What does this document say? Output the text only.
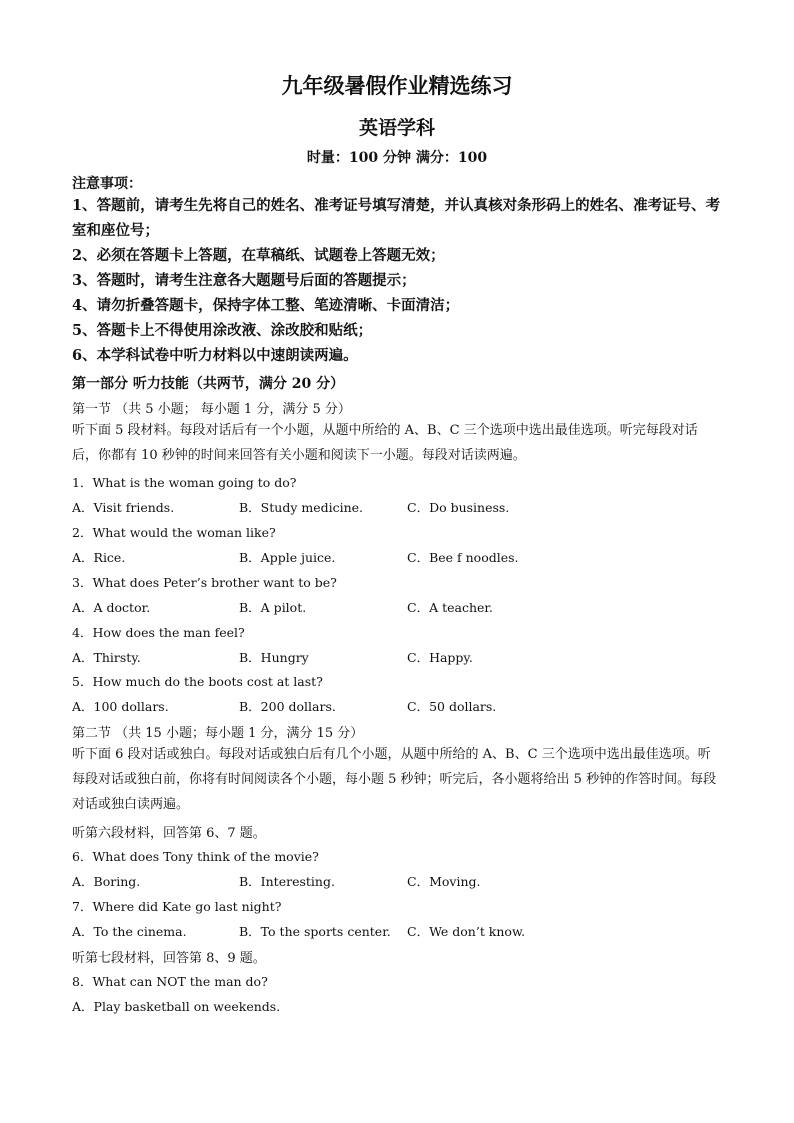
九年级暑假作业精选练习
英语学科
时量：100 分钟 满分：100
注意事项：
1、答题前，请考生先将自己的姓名、准考证号填写清楚，并认真核对条形码上的姓名、准考证号、考室和座位号；
2、必须在答题卡上答题，在草稿纸、试题卷上答题无效；
3、答题时，请考生注意各大题题号后面的答题提示；
4、请勿折叠答题卡，保持字体工整、笔迹清晰、卡面清洁；
5、答题卡上不得使用涂改液、涂改胶和贴纸；
6、本学科试卷中听力材料以中速朗读两遍。
第一部分 听力技能（共两节，满分 20 分）
第一节 （共 5 小题； 每小题 1 分，满分 5 分）
听下面 5 段材料。每段对话后有一个小题，从题中所给的 A、B、C 三个选项中选出最佳选项。听完每段对话后，你都有 10 秒钟的时间来回答有关小题和阅读下一小题。每段对话读两遍。
1．What is the woman going to do?
A．Visit friends.	B．Study medicine.	C．Do business.
2．What would the woman like?
A．Rice.	B．Apple juice.	C．Bee f noodles.
3．What does Peter’s brother want to be?
A．A doctor.	B．A pilot.	C．A teacher.
4．How does the man feel?
A．Thirsty.	B．Hungry	C．Happy.
5．How much do the boots cost at last?
A．100 dollars.	B．200 dollars.	C．50 dollars.
第二节 （共 15 小题；每小题 1 分，满分 15 分）
听下面 6 段对话或独白。每段对话或独白后有几个小题，从题中所给的 A、B、C 三个选项中选出最佳选项。听每段对话或独白前，你将有时间阅读各个小题，每小题 5 秒钟；听完后，各小题将给出 5 秒钟的作答时间。每段对话或独白读两遍。
听第六段材料，回答第 6、7 题。
6．What does Tony think of the movie?
A．Boring.	B．Interesting.	C．Moving.
7．Where did Kate go last night?
A．To the cinema.	B．To the sports center. C．We don’t know.
听第七段材料，回答第 8、9 题。
8．What can NOT the man do?
A．Play basketball on weekends.
